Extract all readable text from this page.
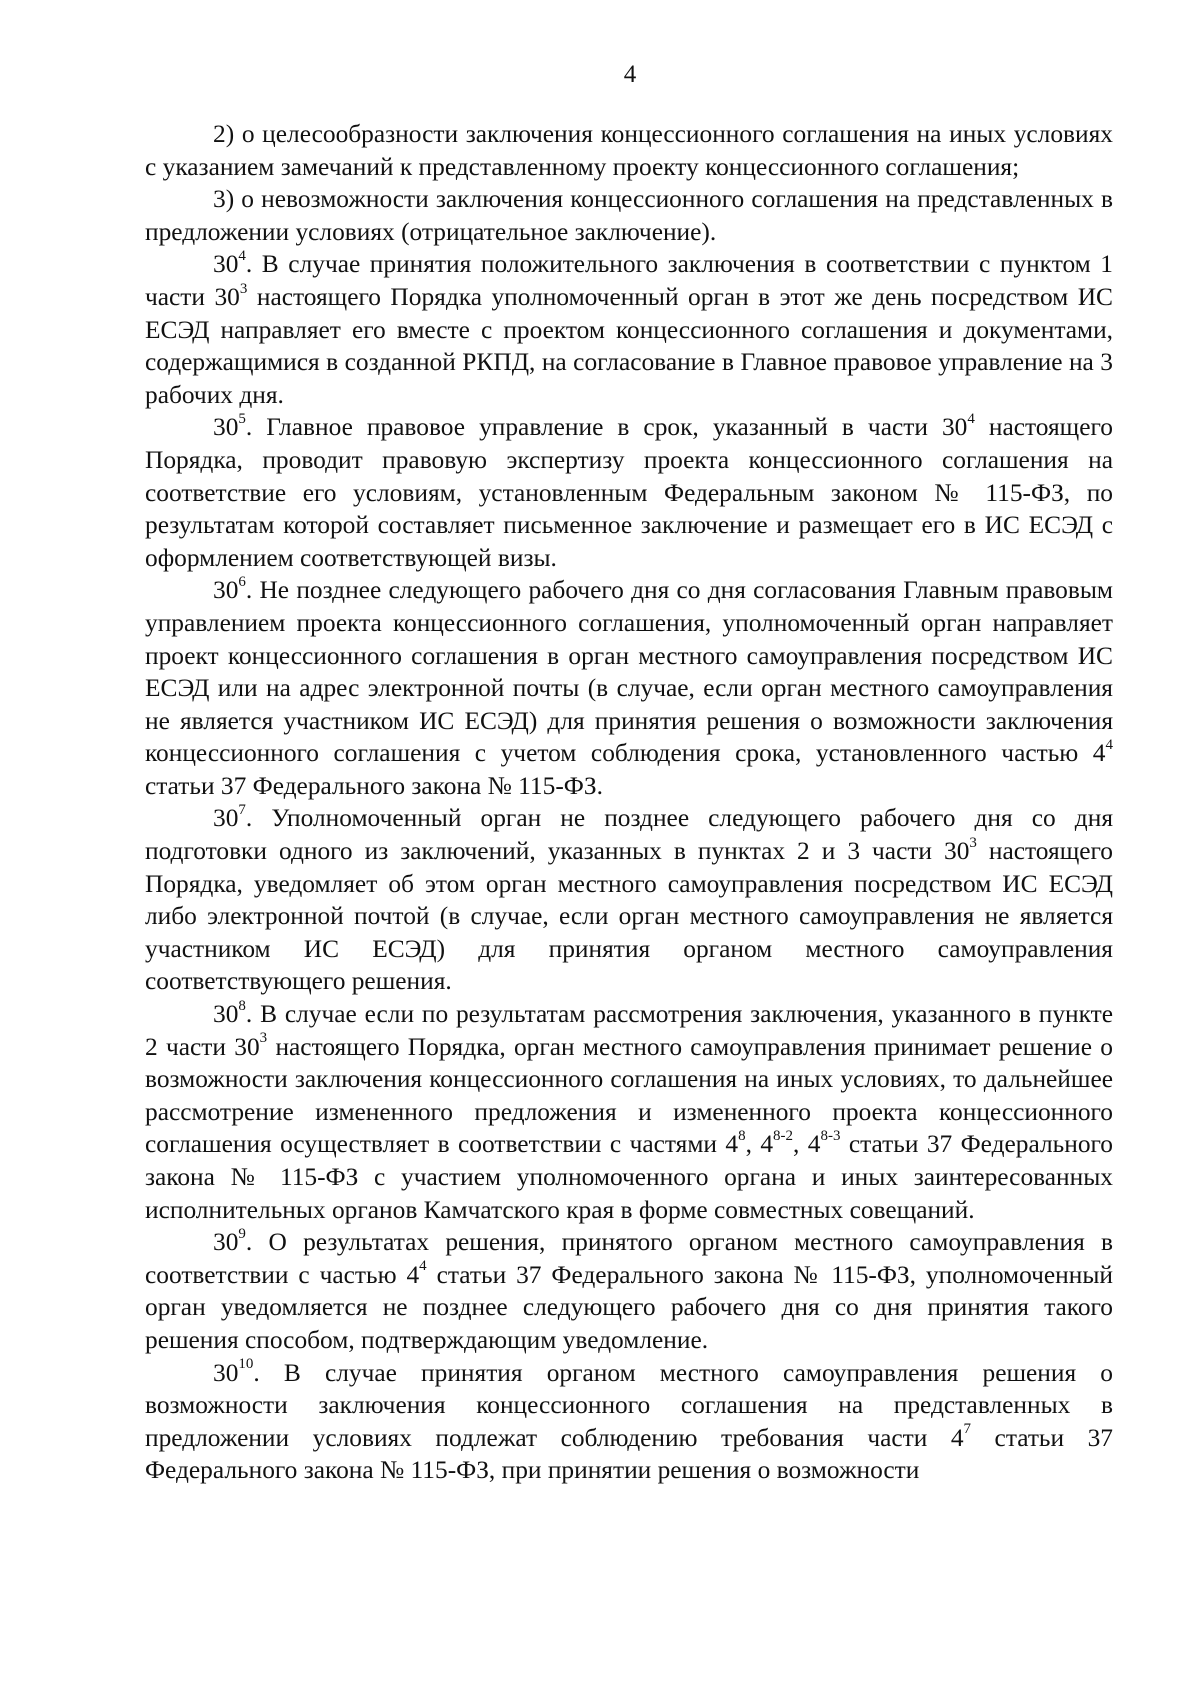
4

2) о целесообразности заключения концессионного соглашения на иных условиях с указанием замечаний к представленному проекту концессионного соглашения;

3) о невозможности заключения концессионного соглашения на представленных в предложении условиях (отрицательное заключение).

$30^4$. В случае принятия положительного заключения в соответствии с пунктом 1 части $30^3$ настоящего Порядка уполномоченный орган в этот же день посредством ИС ЕСЭД направляет его вместе с проектом концессионного соглашения и документами, содержащимися в созданной РКПД, на согласование в Главное правовое управление на 3 рабочих дня.

$30^5$. Главное правовое управление в срок, указанный в части $30^4$ настоящего Порядка, проводит правовую экспертизу проекта концессионного соглашения на соответствие его условиям, установленным Федеральным законом № 115-ФЗ, по результатам которой составляет письменное заключение и размещает его в ИС ЕСЭД с оформлением соответствующей визы.

$30^6$. Не позднее следующего рабочего дня со дня согласования Главным правовым управлением проекта концессионного соглашения, уполномоченный орган направляет проект концессионного соглашения в орган местного самоуправления посредством ИС ЕСЭД или на адрес электронной почты (в случае, если орган местного самоуправления не является участником ИС ЕСЭД) для принятия решения о возможности заключения концессионного соглашения с учетом соблюдения срока, установленного частью $4^4$ статьи 37 Федерального закона № 115-ФЗ.

$30^7$. Уполномоченный орган не позднее следующего рабочего дня со дня подготовки одного из заключений, указанных в пунктах 2 и 3 части $30^3$ настоящего Порядка, уведомляет об этом орган местного самоуправления посредством ИС ЕСЭД либо электронной почтой (в случае, если орган местного самоуправления не является участником ИС ЕСЭД) для принятия органом местного самоуправления соответствующего решения.

$30^8$. В случае если по результатам рассмотрения заключения, указанного в пункте 2 части $30^3$ настоящего Порядка, орган местного самоуправления принимает решение о возможности заключения концессионного соглашения на иных условиях, то дальнейшее рассмотрение измененного предложения и измененного проекта концессионного соглашения осуществляет в соответствии с частями $4^8$, 4$^{8-2}$, 4$^{8-3}$ статьи 37 Федерального закона № 115-ФЗ с участием уполномоченного органа и иных заинтересованных исполнительных органов Камчатского края в форме совместных совещаний.

$30^9$. О результатах решения, принятого органом местного самоуправления в соответствии с частью $4^4$ статьи 37 Федерального закона № 115-ФЗ, уполномоченный орган уведомляется не позднее следующего рабочего дня со дня принятия такого решения способом, подтверждающим уведомление.

$30^{10}$. В случае принятия органом местного самоуправления решения о возможности заключения концессионного соглашения на представленных в предложении условиях подлежат соблюдению требования части $4^7$ статьи 37 Федерального закона № 115-ФЗ, при принятии решения о возможности
